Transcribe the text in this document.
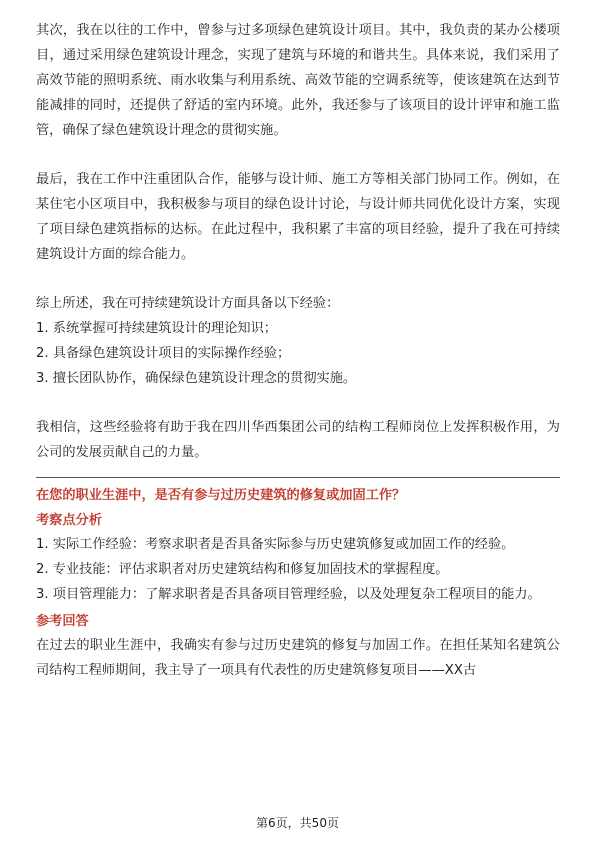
其次，我在以往的工作中，曾参与过多项绿色建筑设计项目。其中，我负责的某办公楼项目，通过采用绿色建筑设计理念，实现了建筑与环境的和谐共生。具体来说，我们采用了高效节能的照明系统、雨水收集与利用系统、高效节能的空调系统等，使该建筑在达到节能减排的同时，还提供了舒适的室内环境。此外，我还参与了该项目的设计评审和施工监管，确保了绿色建筑设计理念的贯彻实施。

最后，我在工作中注重团队合作，能够与设计师、施工方等相关部门协同工作。例如，在某住宅小区项目中，我积极参与项目的绿色设计讨论，与设计师共同优化设计方案，实现了项目绿色建筑指标的达标。在此过程中，我积累了丰富的项目经验，提升了我在可持续建筑设计方面的综合能力。

综上所述，我在可持续建筑设计方面具备以下经验：

1. 系统掌握可持续建筑设计的理论知识；

2. 具备绿色建筑设计项目的实际操作经验；

3. 擅长团队协作，确保绿色建筑设计理念的贯彻实施。

我相信，这些经验将有助于我在四川华西集团公司的结构工程师岗位上发挥积极作用，为公司的发展贡献自己的力量。

在您的职业生涯中，是否有参与过历史建筑的修复或加固工作？

考察点分析

1. 实际工作经验：考察求职者是否具备实际参与历史建筑修复或加固工作的经验。

2. 专业技能：评估求职者对历史建筑结构和修复加固技术的掌握程度。

3. 项目管理能力：了解求职者是否具备项目管理经验，以及处理复杂工程项目的能力。

参考回答

在过去的职业生涯中，我确实有参与过历史建筑的修复与加固工作。在担任某知名建筑公司结构工程师期间，我主导了一项具有代表性的历史建筑修复项目——XX古

第6页，共50页
